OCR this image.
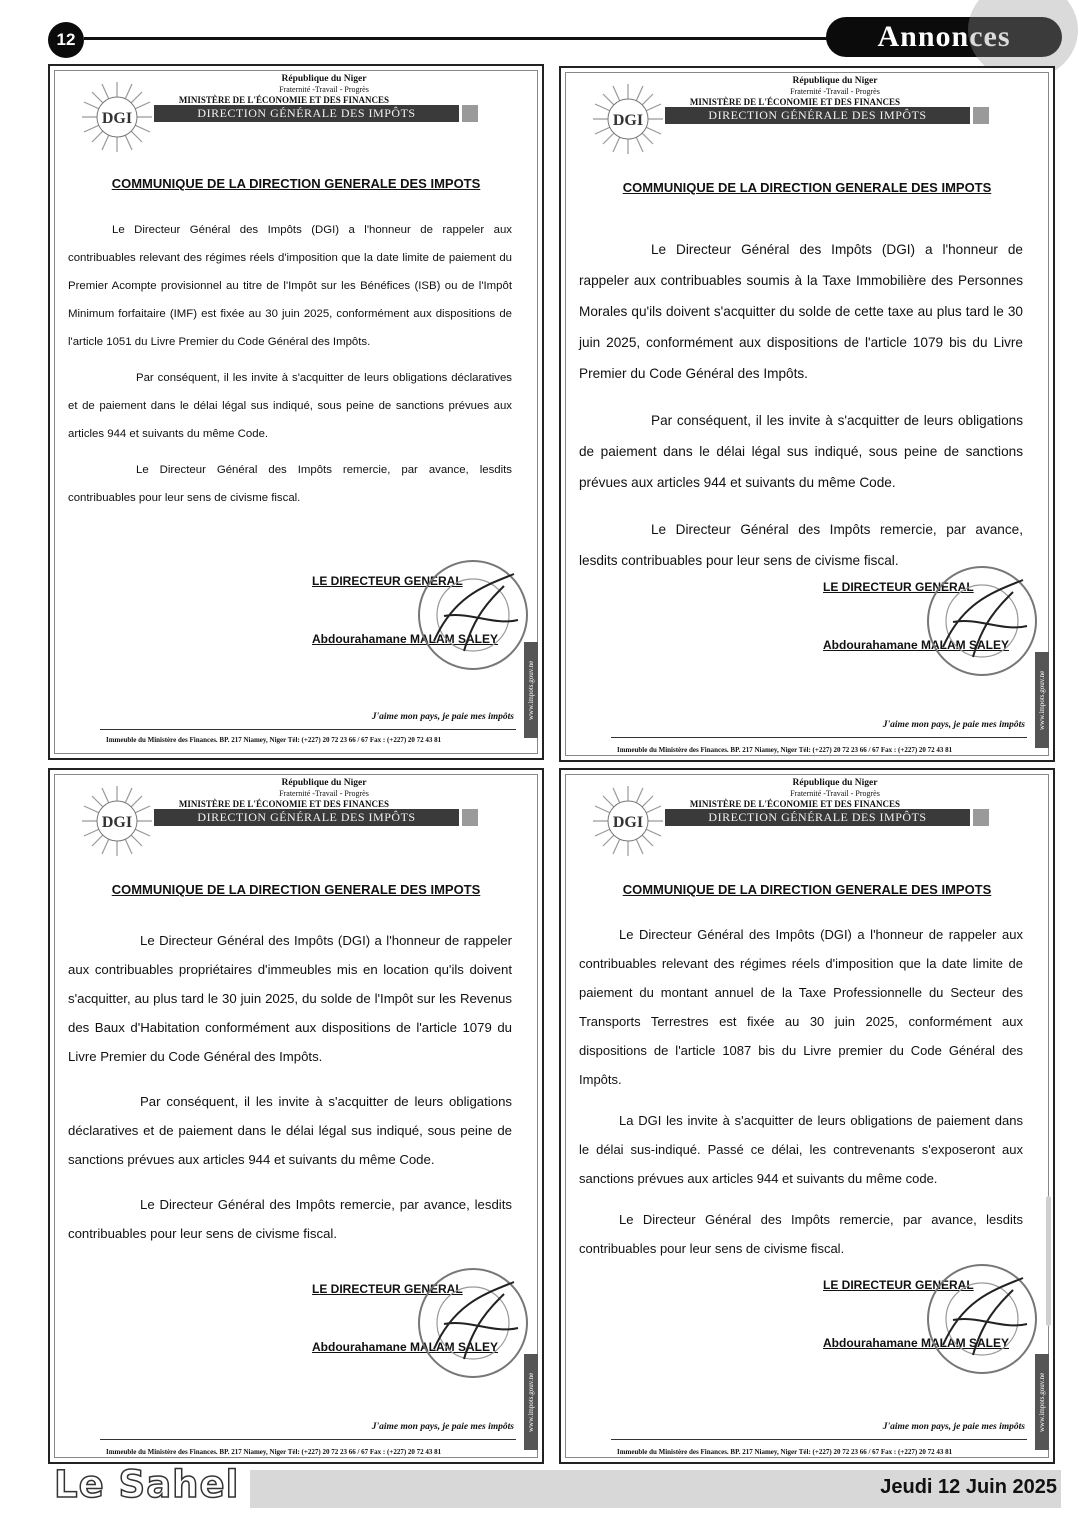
12	Annonces
DGI
République du Niger
Fraternité -Travail - Progrès
MINISTÈRE DE L'ÉCONOMIE ET DES FINANCES
DIRECTION GÉNÉRALE DES IMPÔTS
COMMUNIQUE DE LA DIRECTION GENERALE DES IMPOTS

Le Directeur Général des Impôts (DGI) a l'honneur de rappeler aux contribuables relevant des régimes réels d'imposition que la date limite de paiement du Premier Acompte provisionnel au titre de l'Impôt sur les Bénéfices (ISB) ou de l'Impôt Minimum forfaitaire (IMF) est fixée au 30 juin 2025, conformément aux dispositions de l'article 1051 du Livre Premier du Code Général des Impôts.

Par conséquent, il les invite à s'acquitter de leurs obligations déclaratives et de paiement dans le délai légal sus indiqué, sous peine de sanctions prévues aux articles 944 et suivants du même Code.

Le Directeur Général des Impôts remercie, par avance, lesdits contribuables pour leur sens de civisme fiscal.

LE DIRECTEUR GENERAL
Abdourahamane MALAM SALEY
J'aime mon pays, je paie mes impôts
Immeuble du Ministère des Finances. BP. 217 Niamey, Niger Tél: (+227) 20 72 23 66 / 67 Fax : (+227) 20 72 43 81
www.impots.gouv.ne
DGI
République du Niger
Fraternité -Travail - Progrès
MINISTÈRE DE L'ÉCONOMIE ET DES FINANCES
DIRECTION GÉNÉRALE DES IMPÔTS
COMMUNIQUE DE LA DIRECTION GENERALE DES IMPOTS

Le Directeur Général des Impôts (DGI) a l'honneur de rappeler aux contribuables soumis à la Taxe Immobilière des Personnes Morales qu'ils doivent s'acquitter du solde de cette taxe au plus tard le 30 juin 2025, conformément aux dispositions de l'article 1079 bis du Livre Premier du Code Général des Impôts.

Par conséquent, il les invite à s'acquitter de leurs obligations de paiement dans le délai légal sus indiqué, sous peine de sanctions prévues aux articles 944 et suivants du même Code.

Le Directeur Général des Impôts remercie, par avance, lesdits contribuables pour leur sens de civisme fiscal.

LE DIRECTEUR GENERAL
Abdourahamane MALAM SALEY
J'aime mon pays, je paie mes impôts
Immeuble du Ministère des Finances. BP. 217 Niamey, Niger Tél: (+227) 20 72 23 66 / 67 Fax : (+227) 20 72 43 81
www.impots.gouv.ne
DGI
République du Niger
Fraternité -Travail - Progrès
MINISTÈRE DE L'ÉCONOMIE ET DES FINANCES
DIRECTION GÉNÉRALE DES IMPÔTS
COMMUNIQUE DE LA DIRECTION GENERALE DES IMPOTS

Le Directeur Général des Impôts (DGI) a l'honneur de rappeler aux contribuables propriétaires d'immeubles mis en location qu'ils doivent s'acquitter, au plus tard le 30 juin 2025, du solde de l'Impôt sur les Revenus des Baux d'Habitation conformément aux dispositions de l'article 1079 du Livre Premier du Code Général des Impôts.

Par conséquent, il les invite à s'acquitter de leurs obligations déclaratives et de paiement dans le délai légal sus indiqué, sous peine de sanctions prévues aux articles 944 et suivants du même Code.

Le Directeur Général des Impôts remercie, par avance, lesdits contribuables pour leur sens de civisme fiscal.

LE DIRECTEUR GENERAL
Abdourahamane MALAM SALEY
J'aime mon pays, je paie mes impôts
Immeuble du Ministère des Finances. BP. 217 Niamey, Niger Tél: (+227) 20 72 23 66 / 67 Fax : (+227) 20 72 43 81
www.impots.gouv.ne
DGI
République du Niger
Fraternité -Travail - Progrès
MINISTÈRE DE L'ÉCONOMIE ET DES FINANCES
DIRECTION GÉNÉRALE DES IMPÔTS
COMMUNIQUE DE LA DIRECTION GENERALE DES IMPOTS

Le Directeur Général des Impôts (DGI) a l'honneur de rappeler aux contribuables relevant des régimes réels d'imposition que la date limite de paiement du montant annuel de la Taxe Professionnelle du Secteur des Transports Terrestres est fixée au 30 juin 2025, conformément aux dispositions de l'article 1087 bis du Livre premier du Code Général des Impôts.

La DGI les invite à s'acquitter de leurs obligations de paiement dans le délai sus-indiqué. Passé ce délai, les contrevenants s'exposeront aux sanctions prévues aux articles 944 et suivants du même code.

Le Directeur Général des Impôts remercie, par avance, lesdits contribuables pour leur sens de civisme fiscal.

LE DIRECTEUR GENERAL
Abdourahamane MALAM SALEY
J'aime mon pays, je paie mes impôts
Immeuble du Ministère des Finances. BP. 217 Niamey, Niger Tél: (+227) 20 72 23 66 / 67 Fax : (+227) 20 72 43 81
www.impots.gouv.ne
Le Sahel	Jeudi 12 Juin 2025
